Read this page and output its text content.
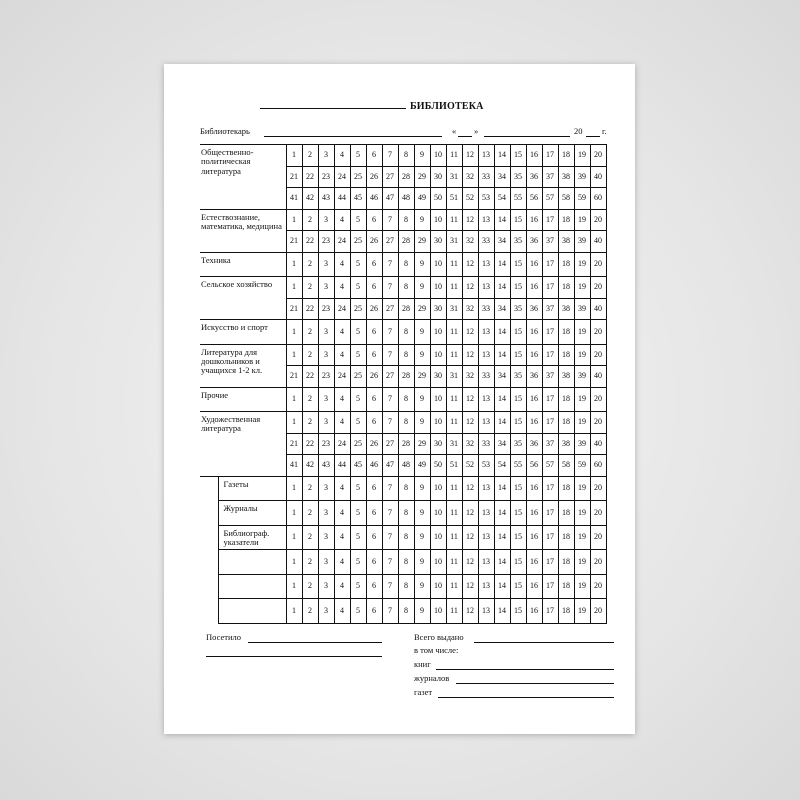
БИБЛИОТЕКА
Библиотекарь	« »	20 г.
Общественно-политическая литература		1	2	3	4	5	6	7	8	9	10	11	12	13	14	15	16	17	18	19	20
		21	22	23	24	25	26	27	28	29	30	31	32	33	34	35	36	37	38	39	40
		41	42	43	44	45	46	47	48	49	50	51	52	53	54	55	56	57	58	59	60
Естествознание, математика, медицина		1	2	3	4	5	6	7	8	9	10	11	12	13	14	15	16	17	18	19	20
		21	22	23	24	25	26	27	28	29	30	31	32	33	34	35	36	37	38	39	40
Техника		1	2	3	4	5	6	7	8	9	10	11	12	13	14	15	16	17	18	19	20
Сельское хозяйство		1	2	3	4	5	6	7	8	9	10	11	12	13	14	15	16	17	18	19	20
		21	22	23	24	25	26	27	28	29	30	31	32	33	34	35	36	37	38	39	40
Искусство и спорт		1	2	3	4	5	6	7	8	9	10	11	12	13	14	15	16	17	18	19	20
Литература для дошкольников и учащихся 1-2 кл.		1	2	3	4	5	6	7	8	9	10	11	12	13	14	15	16	17	18	19	20
		21	22	23	24	25	26	27	28	29	30	31	32	33	34	35	36	37	38	39	40
Прочие		1	2	3	4	5	6	7	8	9	10	11	12	13	14	15	16	17	18	19	20
Художественная литература		1	2	3	4	5	6	7	8	9	10	11	12	13	14	15	16	17	18	19	20
		21	22	23	24	25	26	27	28	29	30	31	32	33	34	35	36	37	38	39	40
		41	42	43	44	45	46	47	48	49	50	51	52	53	54	55	56	57	58	59	60
	Газеты	1	2	3	4	5	6	7	8	9	10	11	12	13	14	15	16	17	18	19	20
	Журналы	1	2	3	4	5	6	7	8	9	10	11	12	13	14	15	16	17	18	19	20
	Библиограф. указатели	1	2	3	4	5	6	7	8	9	10	11	12	13	14	15	16	17	18	19	20
		1	2	3	4	5	6	7	8	9	10	11	12	13	14	15	16	17	18	19	20
		1	2	3	4	5	6	7	8	9	10	11	12	13	14	15	16	17	18	19	20
		1	2	3	4	5	6	7	8	9	10	11	12	13	14	15	16	17	18	19	20
Посетило	Всего выдано
в том числе:
книг
журналов
газет
